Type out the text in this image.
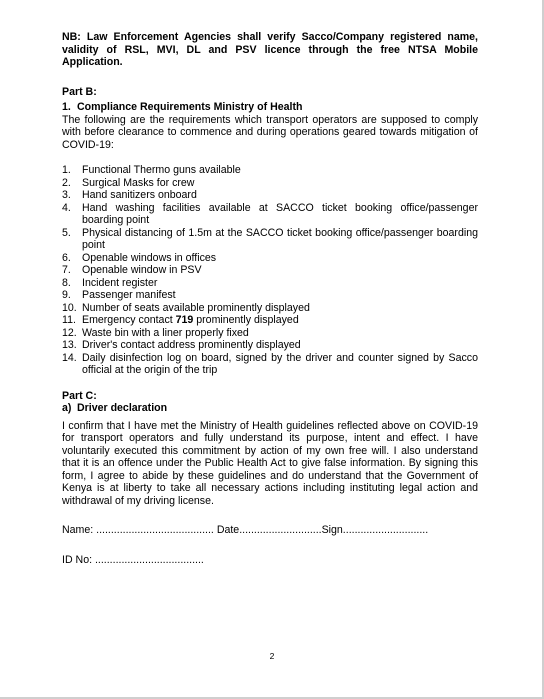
NB: Law Enforcement Agencies shall verify Sacco/Company registered name, validity of RSL, MVI, DL and PSV licence through the free NTSA Mobile Application.

Part B:

1. Compliance Requirements Ministry of Health

The following are the requirements which transport operators are supposed to comply with before clearance to commence and during operations geared towards mitigation of COVID-19:

1.	Functional Thermo guns available
2.	Surgical Masks for crew
3.	Hand sanitizers onboard
4.	Hand washing facilities available at SACCO ticket booking office/passenger boarding point
5.	Physical distancing of 1.5m at the SACCO ticket booking office/passenger boarding point
6.	Openable windows in offices
7.	Openable window in PSV
8.	Incident register
9.	Passenger manifest
10. Number of seats available prominently displayed
11. Emergency contact 719 prominently displayed
12. Waste bin with a liner properly fixed
13. Driver's contact address prominently displayed
14. Daily disinfection log on board, signed by the driver and counter signed by Sacco official at the origin of the trip

Part C:

a) Driver declaration

I confirm that I have met the Ministry of Health guidelines reflected above on COVID-19 for transport operators and fully understand its purpose, intent and effect. I have voluntarily executed this commitment by action of my own free will. I also understand that it is an offence under the Public Health Act to give false information. By signing this form, I agree to abide by these guidelines and do understand that the Government of Kenya is at liberty to take all necessary actions including instituting legal action and withdrawal of my driving license.

Name: ........................................ Date............................Sign.............................

ID No: .....................................

2
